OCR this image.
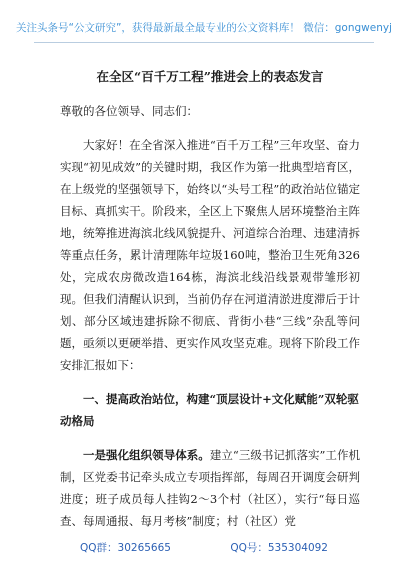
关注头条号“公文研究”，获得最新最全最专业的公文资料库！ 微信：gongwenyj
在全区“百千万工程”推进会上的表态发言
尊敬的各位领导、同志们：

大家好！在全省深入推进“百千万工程”三年攻坚、奋力实现“初见成效”的关键时期，我区作为第一批典型培育区，在上级党的坚强领导下，始终以“头号工程”的政治站位锚定目标、真抓实干。阶段来，全区上下聚焦人居环境整治主阵地，统筹推进海滨北线风貌提升、河道综合治理、违建清拆等重点任务，累计清理陈年垃圾160吨，整治卫生死角326处，完成农房微改造164栋，海滨北线沿线景观带雏形初现。但我们清醒认识到，当前仍存在河道清淤进度滞后于计划、部分区域违建拆除不彻底、背街小巷“三线”杂乱等问题，亟须以更硬举措、更实作风攻坚克难。现将下阶段工作安排汇报如下：

一、提高政治站位，构建“顶层设计+文化赋能”双轮驱动格局

一是强化组织领导体系。建立“三级书记抓落实”工作机制，区党委书记牵头成立专项指挥部，每周召开调度会研判进度；班子成员每人挂钩2～3个村（社区），实行“每日巡查、每周通报、每月考核”制度；村（社区）党

QQ群：30265665	QQ号：535304092
